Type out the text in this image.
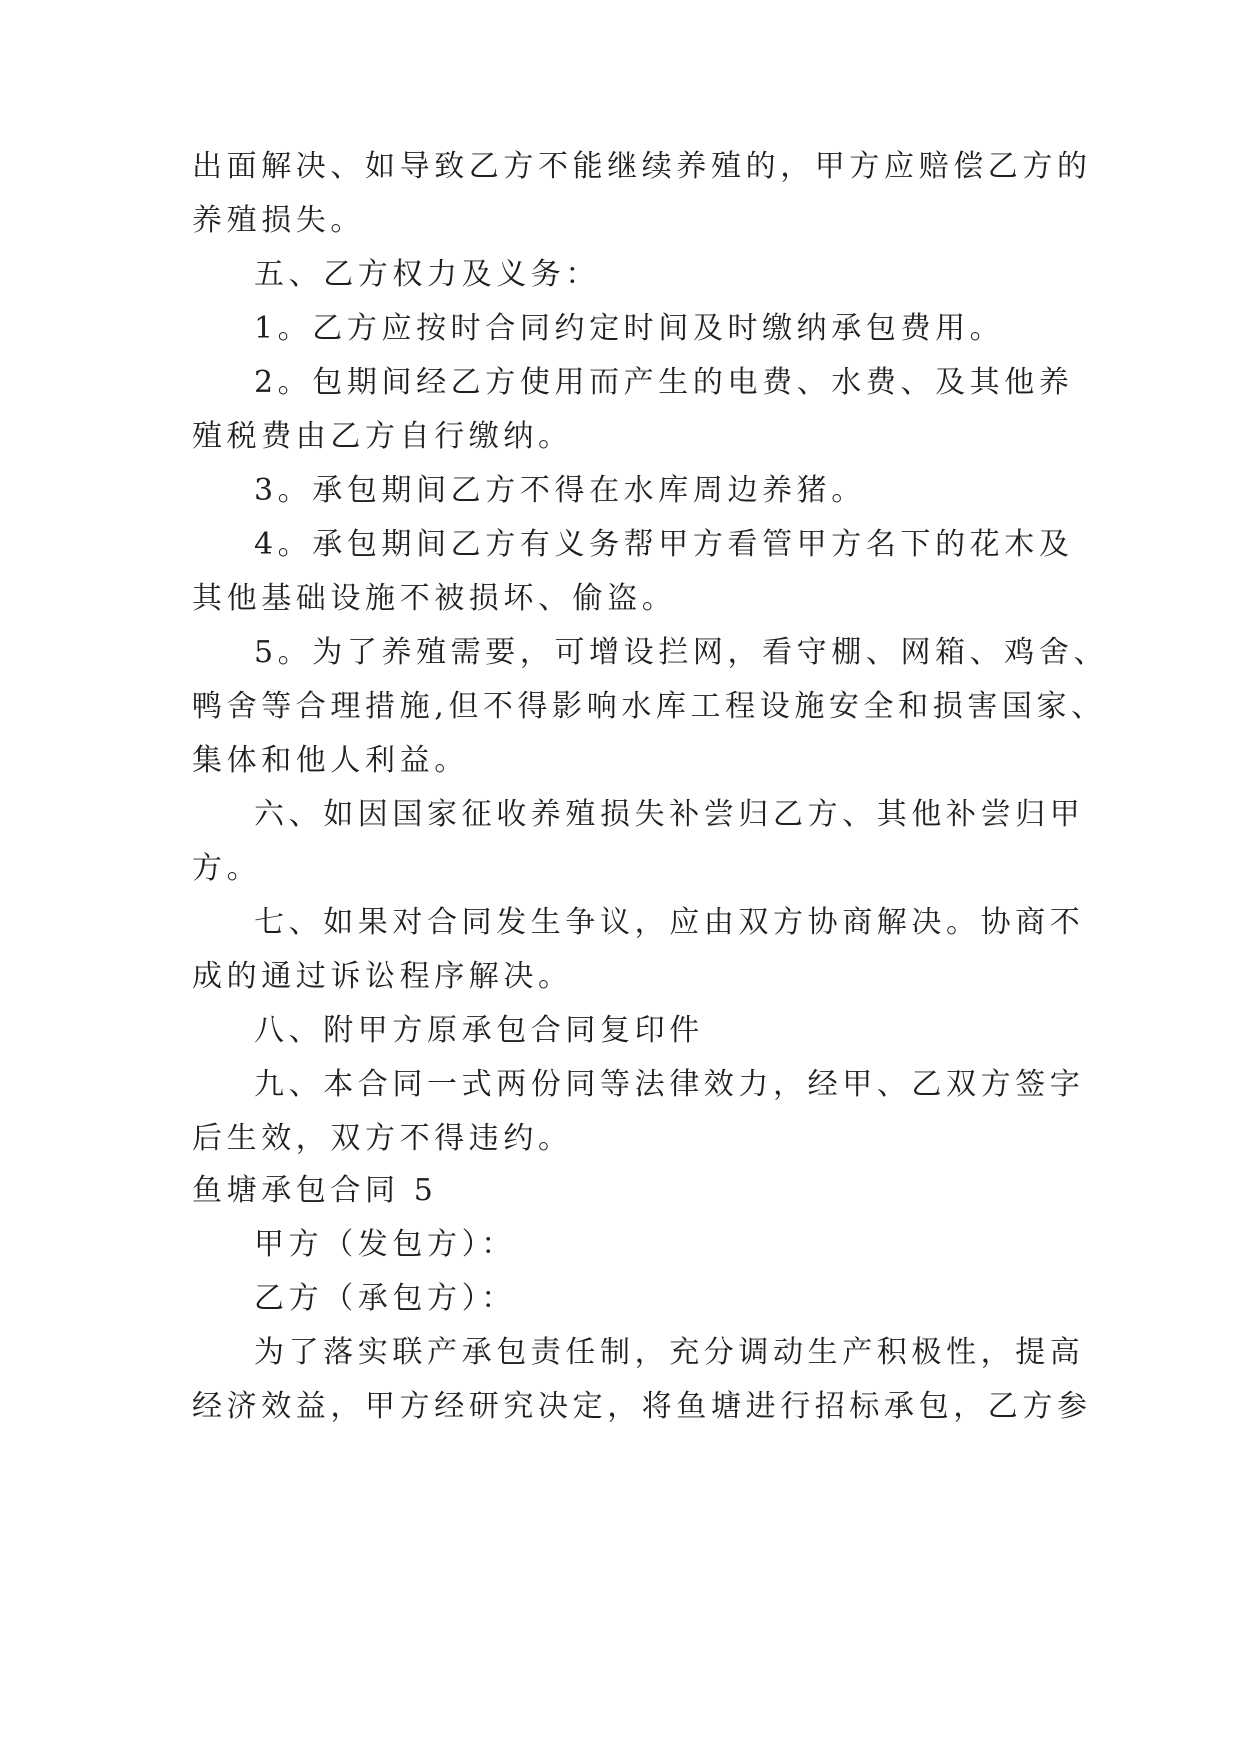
出面解决、如导致乙方不能继续养殖的，甲方应赔偿乙方的
养殖损失。
五、乙方权力及义务：
1。乙方应按时合同约定时间及时缴纳承包费用。
2。包期间经乙方使用而产生的电费、水费、及其他养
殖税费由乙方自行缴纳。
3。承包期间乙方不得在水库周边养猪。
4。承包期间乙方有义务帮甲方看管甲方名下的花木及
其他基础设施不被损坏、偷盗。
5。为了养殖需要，可增设拦网，看守棚、网箱、鸡舍、
鸭舍等合理措施,但不得影响水库工程设施安全和损害国家、
集体和他人利益。
六、如因国家征收养殖损失补尝归乙方、其他补尝归甲
方。
七、如果对合同发生争议，应由双方协商解决。协商不
成的通过诉讼程序解决。
八、附甲方原承包合同复印件
九、本合同一式两份同等法律效力，经甲、乙双方签字
后生效，双方不得违约。
鱼塘承包合同 5
甲方（发包方）：
乙方（承包方）：
为了落实联产承包责任制，充分调动生产积极性，提高
经济效益，甲方经研究决定，将鱼塘进行招标承包，乙方参
